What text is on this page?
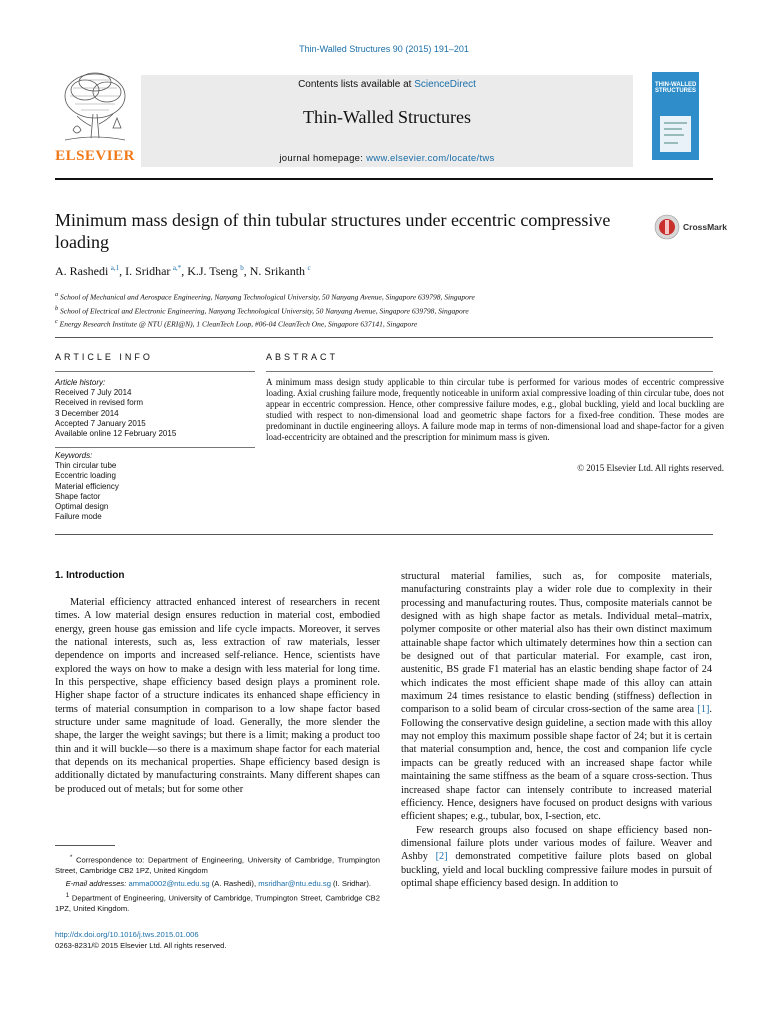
Thin-Walled Structures 90 (2015) 191–201
ELSEVIER
Contents lists available at ScienceDirect
Thin-Walled Structures
journal homepage: www.elsevier.com/locate/tws
THIN-WALLED
STRUCTURES
Minimum mass design of thin tubular structures under eccentric compressive loading
CrossMark
A. Rashedi  $^{a,1}$, I. Sridhar  $^{a,*}$, K.J. Tseng  $^b$, N. Srikanth  $^c$
$^a$ School of Mechanical and Aerospace Engineering, Nanyang Technological University, 50 Nanyang Avenue, Singapore 639798, Singapore
$^b$ School of Electrical and Electronic Engineering, Nanyang Technological University, 50 Nanyang Avenue, Singapore 639798, Singapore
$^c$ Energy Research Institute @ NTU (ERI@N), 1 CleanTech Loop, #06-04 CleanTech One, Singapore 637141, Singapore
ARTICLE INFO	ABSTRACT
Article history:
Received 7 July 2014
Received in revised form
3 December 2014
Accepted 7 January 2015
Available online 12 February 2015
Keywords:
Thin circular tube
Eccentric loading
Material efficiency
Shape factor
Optimal design
Failure mode
A minimum mass design study applicable to thin circular tube is performed for various modes of eccentric compressive loading. Axial crushing failure mode, frequently noticeable in uniform axial compressive loading of thin circular tube, does not appear in eccentric compression. Hence, other compressive failure modes, e.g., global buckling, yield and local buckling are studied with respect to non-dimensional load and geometric shape factors for a fixed-free condition. These modes are predominant in ductile engineering alloys. A failure mode map in terms of non-dimensional load and shape-factor for a given load-eccentricity are obtained and the prescription for minimum mass is given.
© 2015 Elsevier Ltd. All rights reserved.
1. Introduction
Material efficiency attracted enhanced interest of researchers in recent times. A low material design ensures reduction in material cost, embodied energy, green house gas emission and life cycle impacts. Moreover, it serves the national interests, such as, less extraction of raw materials, lesser dependence on imports and increased self-reliance. Hence, scientists have explored the ways on how to make a design with less material for long time. In this perspective, shape efficiency based design plays a prominent role. Higher shape factor of a structure indicates its enhanced shape efficiency in terms of material consumption in comparison to a low shape factor based structure under same magnitude of load. Generally, the more slender the shape, the larger the weight savings; but there is a limit; making a product too thin and it will buckle—so there is a maximum shape factor for each material that depends on its mechanical properties. Shape efficiency based design is additionally dictated by manufacturing constraints. Many different shapes can be produced out of metals; but for some other

structural material families, such as, for composite materials, manufacturing constraints play a wider role due to complexity in their processing and manufacturing routes. Thus, composite materials cannot be designed with as high shape factor as metals. Individual metal–matrix, polymer composite or other material also has their own distinct maximum attainable shape factor which ultimately determines how thin a section can be designed out of that particular material. For example, cast iron, austenitic, BS grade F1 material has an elastic bending shape factor of 24 which indicates the most efficient shape made of this alloy can attain maximum 24 times resistance to elastic bending (stiffness) deflection in comparison to a solid beam of circular cross-section of the same area [1]. Following the conservative design guideline, a section made with this alloy may not employ this maximum possible shape factor of 24; but it is certain that material consumption and, hence, the cost and companion life cycle impacts can be greatly reduced with an increased shape factor while maintaining the same stiffness as the beam of a square cross-section. Thus increased shape factor can intensely contribute to increased material efficiency. Hence, designers have focused on product designs with various efficient shapes; e.g., tubular, box, I-section, etc.

Few research groups also focused on shape efficiency based non-dimensional failure plots under various modes of failure. Weaver and Ashby [2] demonstrated competitive failure plots based on global buckling, yield and local buckling compressive failure modes in pursuit of optimal shape efficiency based design. In addition to

* Correspondence to: Department of Engineering, University of Cambridge, Trumpington Street, Cambridge CB2 1PZ, United Kingdom
E-mail addresses: amma0002@ntu.edu.sg (A. Rashedi), msridhar@ntu.edu.sg (I. Sridhar).
$^1$ Department of Engineering, University of Cambridge, Trumpington Street, Cambridge CB2 1PZ, United Kingdom.
http://dx.doi.org/10.1016/j.tws.2015.01.006
0263-8231/© 2015 Elsevier Ltd. All rights reserved.
